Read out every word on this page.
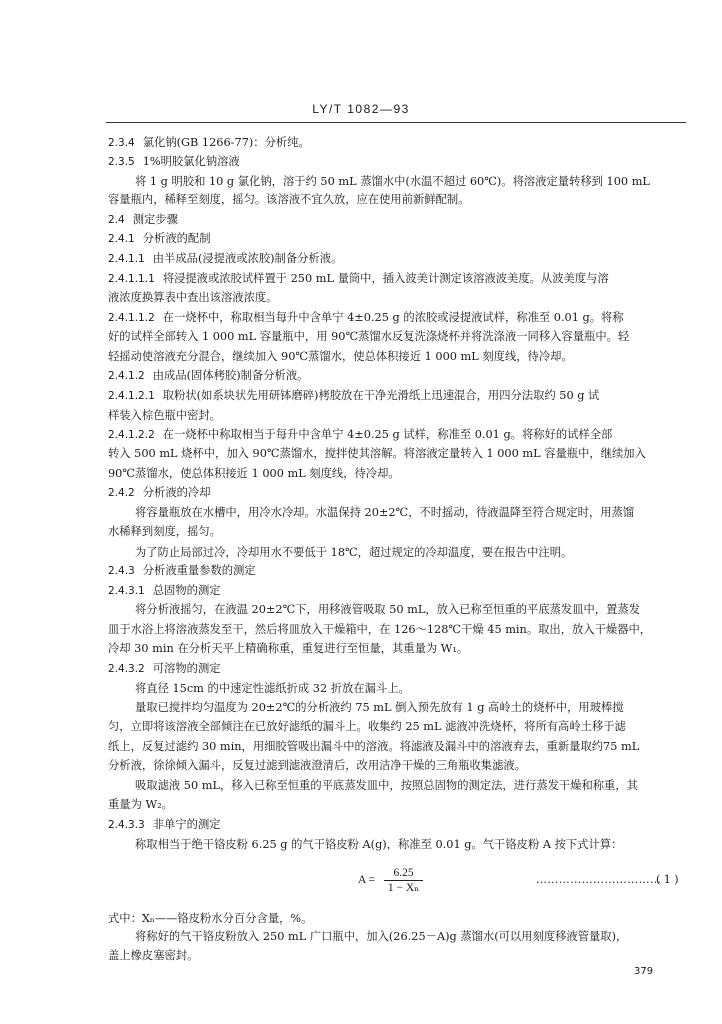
LY/T 1082—93
2.3.4 氯化钠(GB 1266-77)：分析纯。
2.3.5 1%明胶氯化钠溶液
将 1 g 明胶和 10 g 氯化钠，溶于约 50 mL 蒸馏水中(水温不超过 60℃)。将溶液定量转移到 100 mL
容量瓶内，稀释至刻度，摇匀。该溶液不宜久放，应在使用前新鲜配制。
2.4 测定步骤
2.4.1 分析液的配制
2.4.1.1 由半成品(浸提液或浓胶)制备分析液。
2.4.1.1.1 将浸提液或浓胶试样置于 250 mL 量筒中，插入波美计测定该溶液波美度。从波美度与溶
液浓度换算表中查出该溶液浓度。
2.4.1.1.2 在一烧杯中，称取相当每升中含单宁 4±0.25 g 的浓胶或浸提液试样，称准至 0.01 g。将称
好的试样全部转入 1 000 mL 容量瓶中，用 90℃蒸馏水反复洗涤烧杯并将洗涤液一同移入容量瓶中。轻
轻摇动使溶液充分混合，继续加入 90℃蒸馏水，使总体积接近 1 000 mL 刻度线，待冷却。
2.4.1.2 由成品(固体栲胶)制备分析液。
2.4.1.2.1 取粉状(如系块状先用研钵磨碎)栲胶放在干净光滑纸上迅速混合，用四分法取约 50 g 试
样装入棕色瓶中密封。
2.4.1.2.2 在一烧杯中称取相当于每升中含单宁 4±0.25 g 试样，称准至 0.01 g。将称好的试样全部
转入 500 mL 烧杯中，加入 90℃蒸馏水，搅拌使其溶解。将溶液定量转入 1 000 mL 容量瓶中，继续加入
90℃蒸馏水，使总体积接近 1 000 mL 刻度线，待冷却。
2.4.2 分析液的冷却
将容量瓶放在水槽中，用冷水冷却。水温保持 20±2℃，不时摇动，待液温降至符合规定时，用蒸馏
水稀释到刻度，摇匀。
为了防止局部过冷，冷却用水不要低于 18℃，超过规定的冷却温度，要在报告中注明。
2.4.3 分析液重量参数的测定
2.4.3.1 总固物的测定
将分析液摇匀，在液温 20±2℃下，用移液管吸取 50 mL，放入已称至恒重的平底蒸发皿中，置蒸发
皿于水浴上将溶液蒸发至干，然后将皿放入干燥箱中，在 126～128℃干燥 45 min。取出，放入干燥器中，
冷却 30 min 在分析天平上精确称重，重复进行至恒量，其重量为 W₁。
2.4.3.2 可溶物的测定
将直径 15cm 的中速定性滤纸折成 32 折放在漏斗上。
量取已搅拌均匀温度为 20±2℃的分析液约 75 mL 倒入预先放有 1 g 高岭土的烧杯中，用玻棒搅
匀，立即将该溶液全部倾注在已放好滤纸的漏斗上。收集约 25 mL 滤液冲洗烧杯，将所有高岭土移于滤
纸上，反复过滤约 30 min，用细胶管吸出漏斗中的溶液。将滤液及漏斗中的溶液弃去，重新量取约75 mL
分析液，徐徐倾入漏斗，反复过滤到滤液澄清后，改用洁净干燥的三角瓶收集滤液。
吸取滤液 50 mL，移入已称至恒重的平底蒸发皿中，按照总固物的测定法，进行蒸发干燥和称重，其
重量为 W₂。
2.4.3.3 非单宁的测定
称取相当于绝干铬皮粉 6.25 g 的气干铬皮粉 A(g)，称准至 0.01 g。气干铬皮粉 A 按下式计算：
式中：Xₙ——铬皮粉水分百分含量，%。
将称好的气干铬皮粉放入 250 mL 广口瓶中，加入(26.25－A)g 蒸馏水(可以用刻度移液管量取)，
盖上橡皮塞密封。
$A = \frac{6.25}{\text{1 − Xₙ}}$	……………………………
( 1 )
379
